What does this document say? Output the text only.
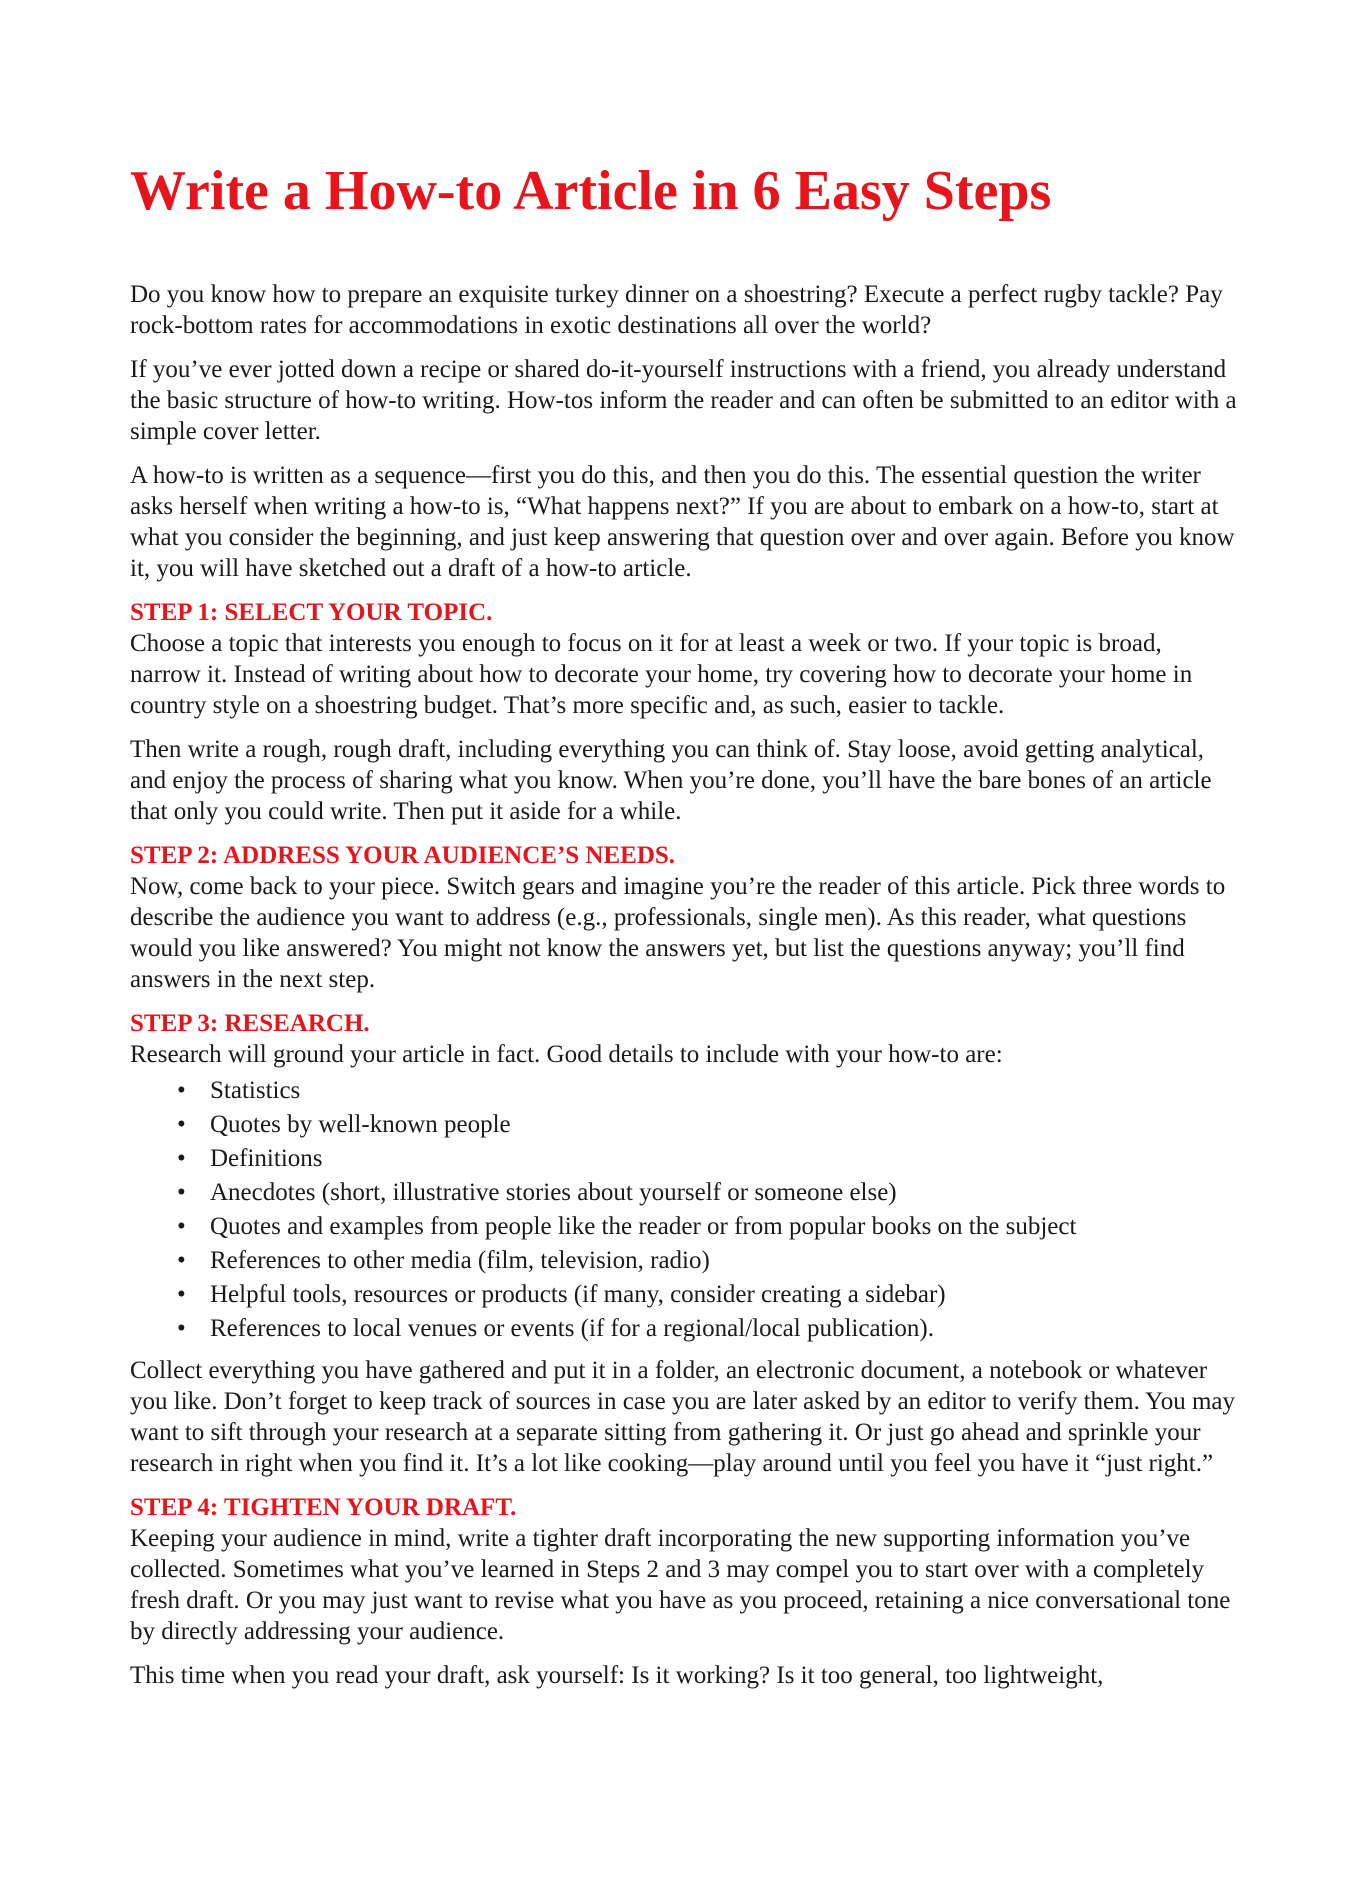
Write a How-to Article in 6 Easy Steps

Do you know how to prepare an exquisite turkey dinner on a shoestring? Execute a perfect rugby tackle? Pay rock-bottom rates for accommodations in exotic destinations all over the world?

If you’ve ever jotted down a recipe or shared do-it-yourself instructions with a friend, you already understand the basic structure of how-to writing. How-tos inform the reader and can often be submitted to an editor with a simple cover letter.

A how-to is written as a sequence—first you do this, and then you do this. The essential question the writer asks herself when writing a how-to is, “What happens next?” If you are about to embark on a how-to, start at what you consider the beginning, and just keep answering that question over and over again. Before you know it, you will have sketched out a draft of a how-to article.

STEP 1: SELECT YOUR TOPIC.

Choose a topic that interests you enough to focus on it for at least a week or two. If your topic is broad, narrow it. Instead of writing about how to decorate your home, try covering how to decorate your home in country style on a shoestring budget. That’s more specific and, as such, easier to tackle.

Then write a rough, rough draft, including everything you can think of. Stay loose, avoid getting analytical, and enjoy the process of sharing what you know. When you’re done, you’ll have the bare bones of an article that only you could write. Then put it aside for a while.

STEP 2: ADDRESS YOUR AUDIENCE’S NEEDS.

Now, come back to your piece. Switch gears and imagine you’re the reader of this article. Pick three words to describe the audience you want to address (e.g., professionals, single men). As this reader, what questions would you like answered? You might not know the answers yet, but list the questions anyway; you’ll find answers in the next step.

STEP 3: RESEARCH.

Research will ground your article in fact. Good details to include with your how-to are:

• Statistics
• Quotes by well-known people
• Definitions
• Anecdotes (short, illustrative stories about yourself or someone else)
• Quotes and examples from people like the reader or from popular books on the subject
• References to other media (film, television, radio)
• Helpful tools, resources or products (if many, consider creating a sidebar)
• References to local venues or events (if for a regional/local publication).

Collect everything you have gathered and put it in a folder, an electronic document, a notebook or whatever you like. Don’t forget to keep track of sources in case you are later asked by an editor to verify them. You may want to sift through your research at a separate sitting from gathering it. Or just go ahead and sprinkle your research in right when you find it. It’s a lot like cooking—play around until you feel you have it “just right.”

STEP 4: TIGHTEN YOUR DRAFT.

Keeping your audience in mind, write a tighter draft incorporating the new supporting information you’ve collected. Sometimes what you’ve learned in Steps 2 and 3 may compel you to start over with a completely fresh draft. Or you may just want to revise what you have as you proceed, retaining a nice conversational tone by directly addressing your audience.

This time when you read your draft, ask yourself: Is it working? Is it too general, too lightweight,
